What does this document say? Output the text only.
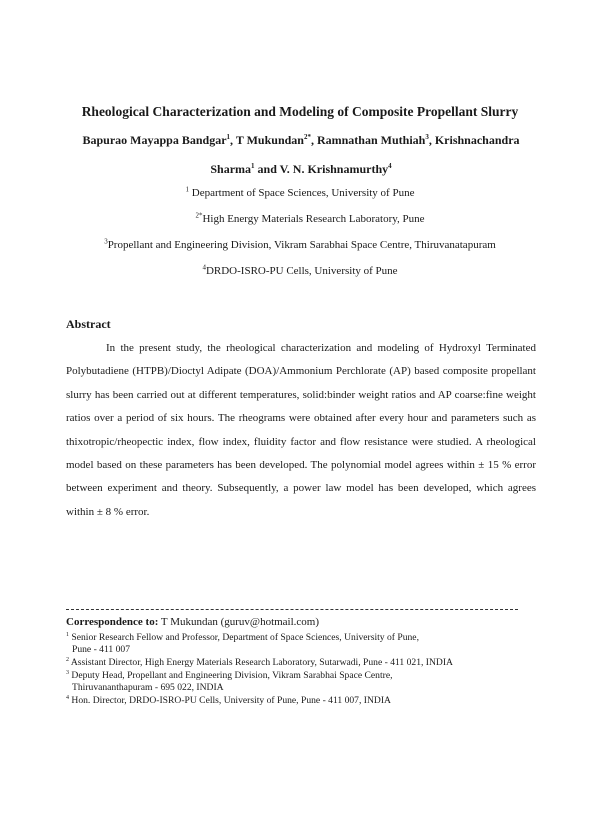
Rheological Characterization and Modeling of Composite Propellant Slurry
Bapurao Mayappa Bandgar$^1$, T Mukundan$^{2*}$, Ramnathan Muthiah$^3$, Krishnachandra
Sharma$^1$ and V. N. Krishnamurthy$^4$
$^1$ Department of Space Sciences, University of Pune
$^{2*}$High Energy Materials Research Laboratory, Pune
$^3$Propellant and Engineering Division, Vikram Sarabhai Space Centre, Thiruvanatapuram
$^4$DRDO-ISRO-PU Cells, University of Pune
Abstract

In the present study, the rheological characterization and modeling of Hydroxyl Terminated Polybutadiene (HTPB)/Dioctyl Adipate (DOA)/Ammonium Perchlorate (AP) based composite propellant slurry has been carried out at different temperatures, solid:binder weight ratios and AP coarse:fine weight ratios over a period of six hours. The rheograms were obtained after every hour and parameters such as thixotropic/rheopectic index, flow index, fluidity factor and flow resistance were studied. A rheological model based on these parameters has been developed. The polynomial model agrees within ± 15 % error between experiment and theory. Subsequently, a power law model has been developed, which agrees within ± 8 % error.

Correspondence to: T Mukundan (guruv@hotmail.com)
$^1$ Senior Research Fellow and Professor, Department of Space Sciences, University of Pune,
Pune - 411 007
$^2$ Assistant Director, High Energy Materials Research Laboratory, Sutarwadi, Pune - 411 021, INDIA
$^3$ Deputy Head, Propellant and Engineering Division, Vikram Sarabhai Space Centre,
Thiruvananthapuram - 695 022, INDIA
$^4$ Hon. Director, DRDO-ISRO-PU Cells, University of Pune, Pune - 411 007, INDIA
